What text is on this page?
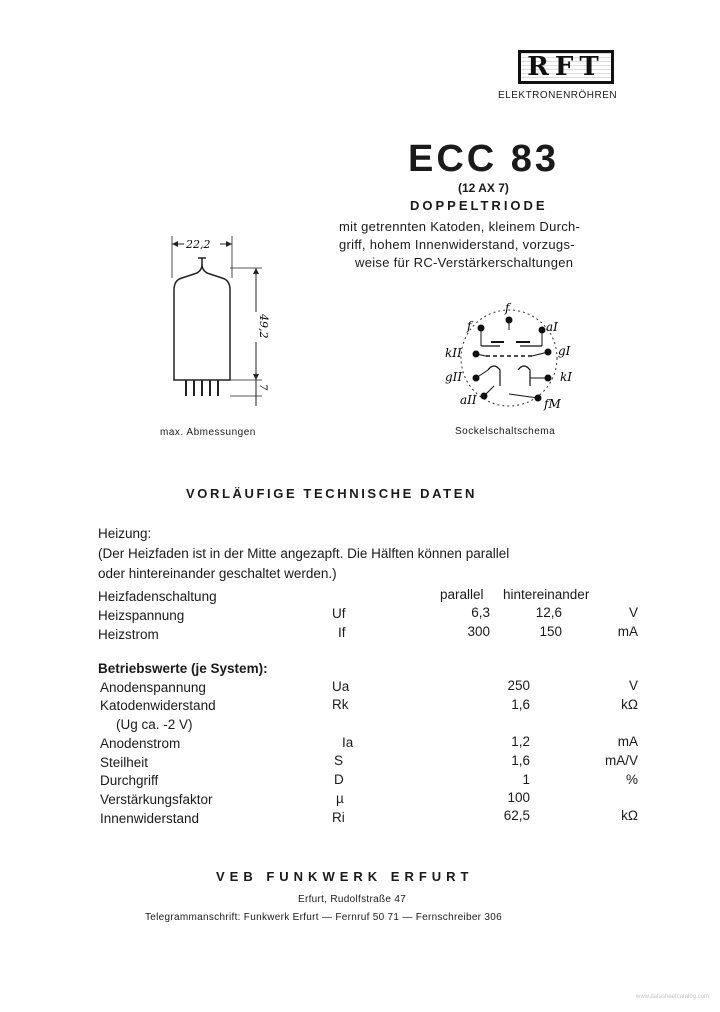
RFT
ELEKTRONENRÖHREN
ECC 83
(12 AX 7)
DOPPELTRIODE
mit getrennten Katoden, kleinem Durch-
griff, hohem Innenwiderstand, vorzugs-
weise für RC-Verstärkerschaltungen
22,2
49,2
7
max. Abmessungen
f
f	aI
kII	gI
gII	kI
aII	fM
Sockelschaltschema
VORLÄUFIGE TECHNISCHE DATEN
Heizung:
(Der Heizfaden ist in der Mitte angezapft. Die Hälften können parallel
oder hintereinander geschaltet werden.)
Heizfadenschaltung	parallel hintereinander
Heizspannung	Uf	6,3	12,6	V
Heizstrom	If	300	150	mA
Betriebswerte (je System):
Anodenspannung	Ua	250	V
Katodenwiderstand	Rk	1,6	kΩ
(Ug ca. -2 V)
Anodenstrom	Ia	1,2	mA
Steilheit	S	1,6	mA/V
Durchgriff	D	1	%
Verstärkungsfaktor	µ	100
Innenwiderstand	Ri	62,5	kΩ
VEB FUNKWERK ERFURT
Erfurt, Rudolfstraße 47
Telegrammanschrift: Funkwerk Erfurt — Fernruf 50 71 — Fernschreiber 306
www.datasheetcatalog.com
